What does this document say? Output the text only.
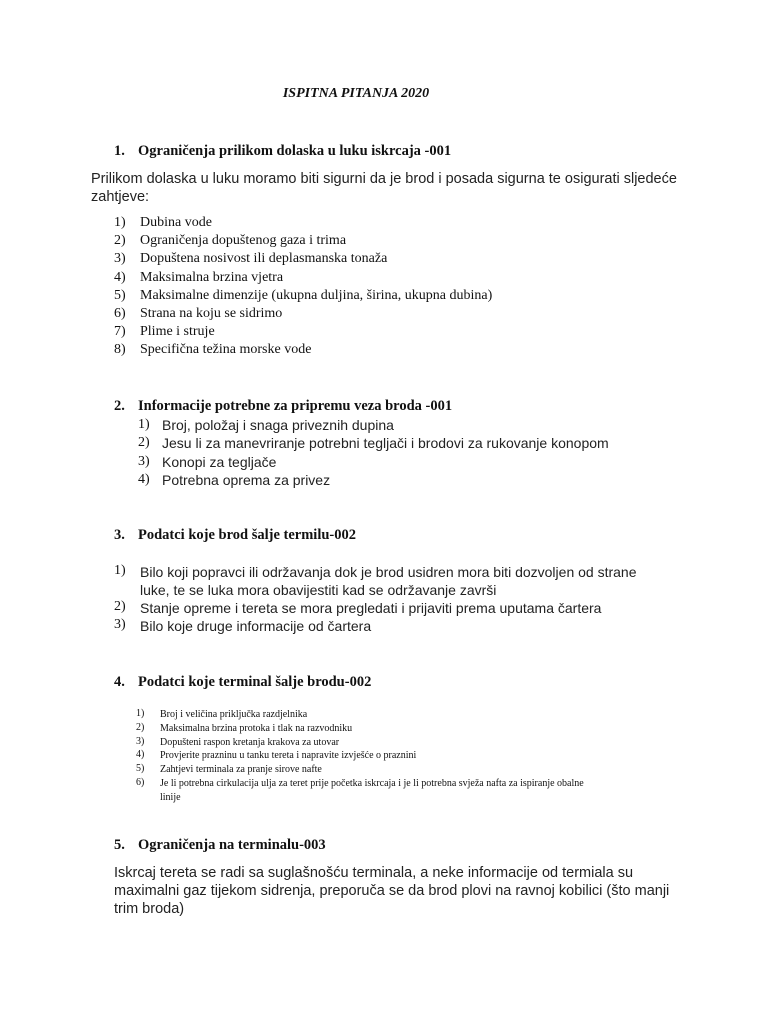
ISPITNA PITANJA 2020
1. Ograničenja prilikom dolaska u luku iskrcaja -001
Prilikom dolaska u luku moramo biti sigurni da je brod i posada sigurna te osigurati sljedeće zahtjeve:
1) Dubina vode
2) Ograničenja dopuštenog gaza i trima
3) Dopuštena nosivost ili deplasmanska tonaža
4) Maksimalna brzina vjetra
5) Maksimalne dimenzije (ukupna duljina, širina, ukupna dubina)
6) Strana na koju se sidrimo
7) Plime i struje
8) Specifična težina morske vode
2. Informacije potrebne za pripremu veza broda -001
1) Broj, položaj i snaga priveznih dupina
2) Jesu li za manevriranje potrebni tegljači i brodovi za rukovanje konopom
3) Konopi za tegljače
4) Potrebna oprema za privez
3. Podatci koje brod šalje termilu-002
1) Bilo koji popravci ili održavanja dok je brod usidren mora biti dozvoljen od strane luke, te se luka mora obavijestiti kad se održavanje završi
2) Stanje opreme i tereta se mora pregledati i prijaviti prema uputama čartera
3) Bilo koje druge informacije od čartera
4. Podatci koje terminal šalje brodu-002
1) Broj i veličina priključka razdjelnika
2) Maksimalna brzina protoka i tlak na razvodniku
3) Dopušteni raspon kretanja krakova za utovar
4) Provjerite prazninu u tanku tereta i napravite izvješće o praznini
5) Zahtjevi terminala za pranje sirove nafte
6) Je li potrebna cirkulacija ulja za teret prije početka iskrcaja i je li potrebna svježa nafta za ispiranje obalne linije
5. Ograničenja na terminalu-003
Iskrcaj tereta se radi sa suglašnošću terminala, a neke informacije od termiala su maximalni gaz tijekom sidrenja, preporuča se da brod plovi na ravnoj kobilici (što manji trim broda)
